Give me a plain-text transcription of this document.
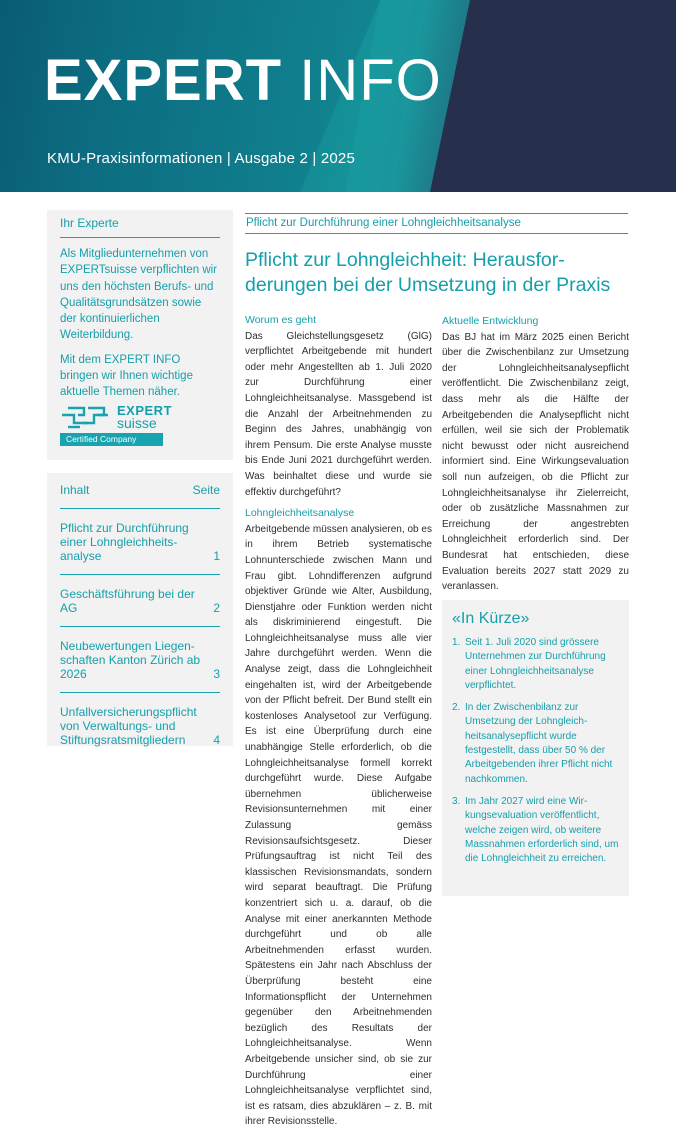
EXPERT INFO
KMU-Praxisinformationen | Ausgabe 2 | 2025
Ihr Experte

Als Mitgliedunternehmen von EXPERTsuisse verpflichten wir uns den höchsten Berufs- und Qualitätsgrundsätzen sowie der kontinuierlichen Weiterbildung.

Mit dem EXPERT INFO bringen wir Ihnen wichtige aktuelle Themen näher.

EXPERT
suisse
Certified Company
Inhalt	Seite
Pflicht zur Durchführung einer Lohngleichheitsanalyse	1
Geschäftsführung bei der AG	2
Neubewertungen Liegenschaften Kanton Zürich ab 2026	3
Unfallversicherungspflicht von Verwaltungs- und Stiftungsratsmitgliedern 4
Pflicht zur Durchführung einer Lohngleichheitsanalyse
Pflicht zur Lohngleichheit: Herausforderungen bei der Umsetzung in der Praxis
Worum es geht

Das Gleichstellungsgesetz (GlG) verpflichtet Arbeitgebende mit hundert oder mehr Angestellten ab 1. Juli 2020 zur Durchführung einer Lohngleichheitsanalyse. Massgebend ist die Anzahl der Arbeitnehmenden zu Beginn des Jahres, unabhängig von ihrem Pensum. Die erste Analyse musste bis Ende Juni 2021 durchgeführt werden. Was beinhaltet diese und wurde sie effektiv durchgeführt?

Lohngleichheitsanalyse

Arbeitgebende müssen analysieren, ob es in ihrem Betrieb systematische Lohnunterschiede zwischen Mann und Frau gibt. Lohndifferenzen aufgrund objektiver Gründe wie Alter, Ausbildung, Dienstjahre oder Funktion werden nicht als diskriminierend eingestuft. Die Lohngleichheitsanalyse muss alle vier Jahre durchgeführt werden. Wenn die Analyse zeigt, dass die Lohngleichheit eingehalten ist, wird der Arbeitgebende von der Pflicht befreit. Der Bund stellt ein kostenloses Analysetool zur Verfügung. Es ist eine Überprüfung durch eine unabhängige Stelle erforderlich, ob die Lohngleichheitsanalyse formell korrekt durchgeführt wurde. Diese Aufgabe übernehmen üblicherweise Revisionsunternehmen mit einer Zulassung gemäss Revisionsaufsichtsgesetz. Dieser Prüfungsauftrag ist nicht Teil des klassischen Revisionsmandats, sondern wird separat beauftragt. Die Prüfung konzentriert sich u. a. darauf, ob die Analyse mit einer anerkannten Methode durchgeführt und ob alle Arbeitnehmenden erfasst wurden. Spätestens ein Jahr nach Abschluss der Überprüfung besteht eine Informationspflicht der Unternehmen gegenüber den Arbeitnehmenden bezüglich des Resultats der Lohngleichheitsanalyse. Wenn Arbeitgebende unsicher sind, ob sie zur Durchführung einer Lohngleichheitsanalyse verpflichtet sind, ist es ratsam, dies abzuklären – z. B. mit ihrer Revisionsstelle.

Aktuelle Entwicklung

Das BJ hat im März 2025 einen Bericht über die Zwischenbilanz zur Umsetzung der Lohngleichheitsanalysepflicht veröffentlicht. Die Zwischenbilanz zeigt, dass mehr als die Hälfte der Arbeitgebenden die Analysepflicht nicht erfüllen, weil sie sich der Problematik nicht bewusst oder nicht ausreichend informiert sind. Eine Wirkungsevaluation soll nun aufzeigen, ob die Pflicht zur Lohngleichheitsanalyse ihr Zielerreicht, oder ob zusätzliche Massnahmen zur Erreichung der angestrebten Lohngleichheit erforderlich sind. Der Bundesrat hat entschieden, diese Evaluation bereits 2027 statt 2029 zu veranlassen.

«In Kürze»
1. Seit 1. Juli 2020 sind grössere Unternehmen zur Durchführung einer Lohngleichheitsanalyse verpflichtet.
2. In der Zwischenbilanz zur Umsetzung der Lohngleichheitsanalysepflicht wurde festgestellt, dass über 50 % der Arbeitgebenden ihrer Pflicht nicht nachkommen.
3. Im Jahr 2027 wird eine Wirkungsevaluation veröffentlicht, welche zeigen wird, ob weitere Massnahmen erforderlich sind, um die Lohngleichheit zu erreichen.
